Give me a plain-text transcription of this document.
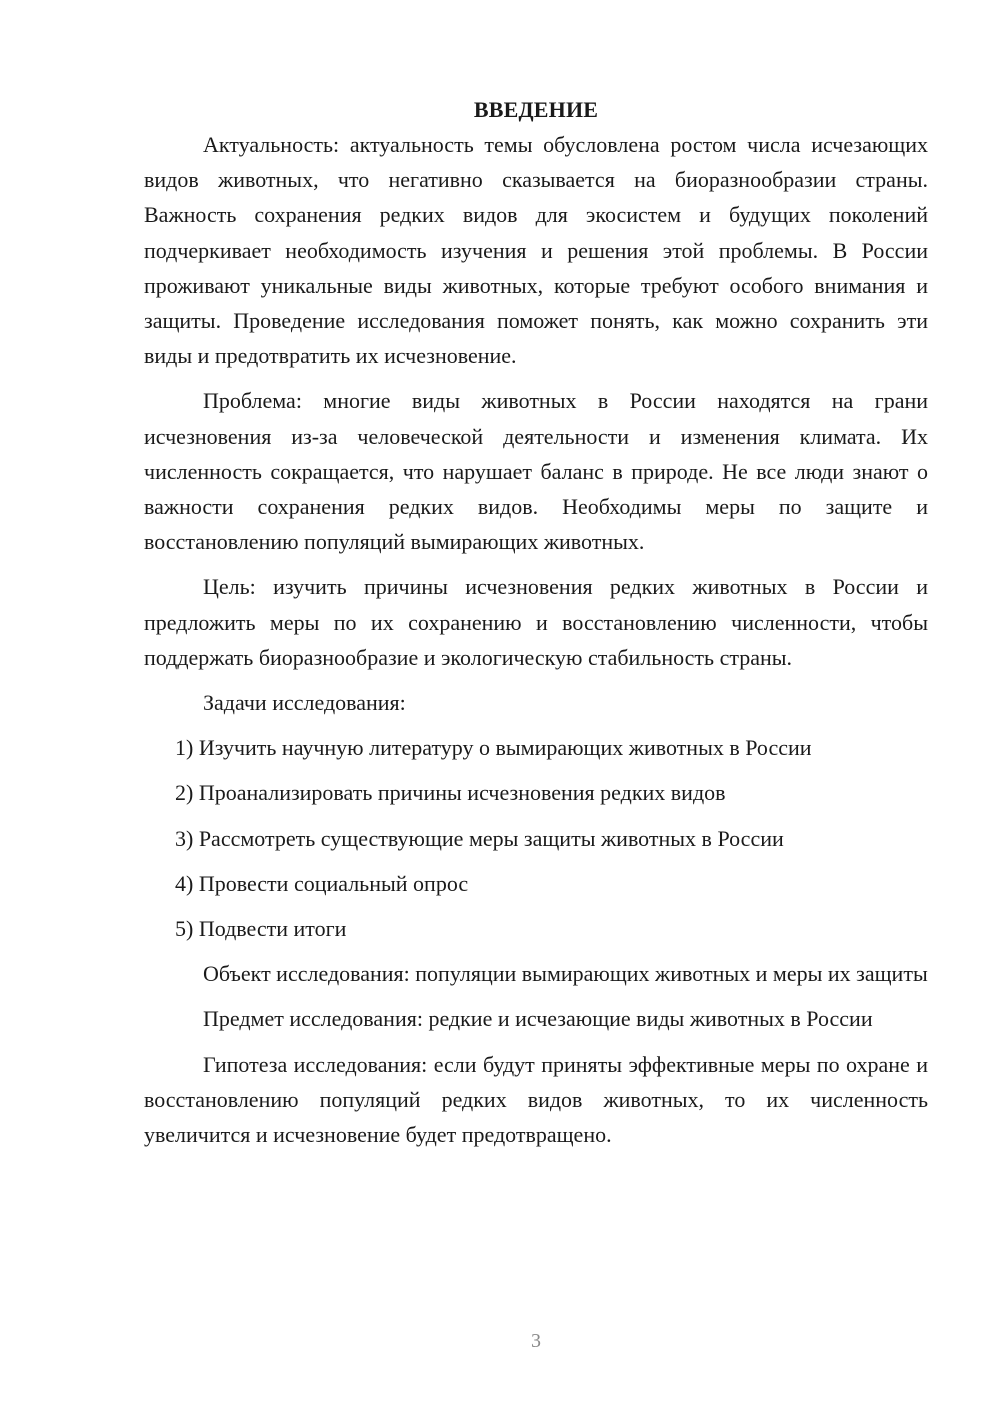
ВВЕДЕНИЕ

Актуальность: актуальность темы обусловлена ростом числа исчезающих видов животных, что негативно сказывается на биоразнообразии страны. Важность сохранения редких видов для экосистем и будущих поколений подчеркивает необходимость изучения и решения этой проблемы. В России проживают уникальные виды животных, которые требуют особого внимания и защиты. Проведение исследования поможет понять, как можно сохранить эти виды и предотвратить их исчезновение.

Проблема: многие виды животных в России находятся на грани исчезновения из-за человеческой деятельности и изменения климата. Их численность сокращается, что нарушает баланс в природе. Не все люди знают о важности сохранения редких видов. Необходимы меры по защите и восстановлению популяций вымирающих животных.

Цель: изучить причины исчезновения редких животных в России и предложить меры по их сохранению и восстановлению численности, чтобы поддержать биоразнообразие и экологическую стабильность страны.

Задачи исследования:

1) Изучить научную литературу о вымирающих животных в России
2) Проанализировать причины исчезновения редких видов
3) Рассмотреть существующие меры защиты животных в России
4) Провести социальный опрос
5) Подвести итоги

Объект исследования: популяции вымирающих животных и меры их защиты

Предмет исследования: редкие и исчезающие виды животных в России

Гипотеза исследования: если будут приняты эффективные меры по охране и восстановлению популяций редких видов животных, то их численность увеличится и исчезновение будет предотвращено.

3
